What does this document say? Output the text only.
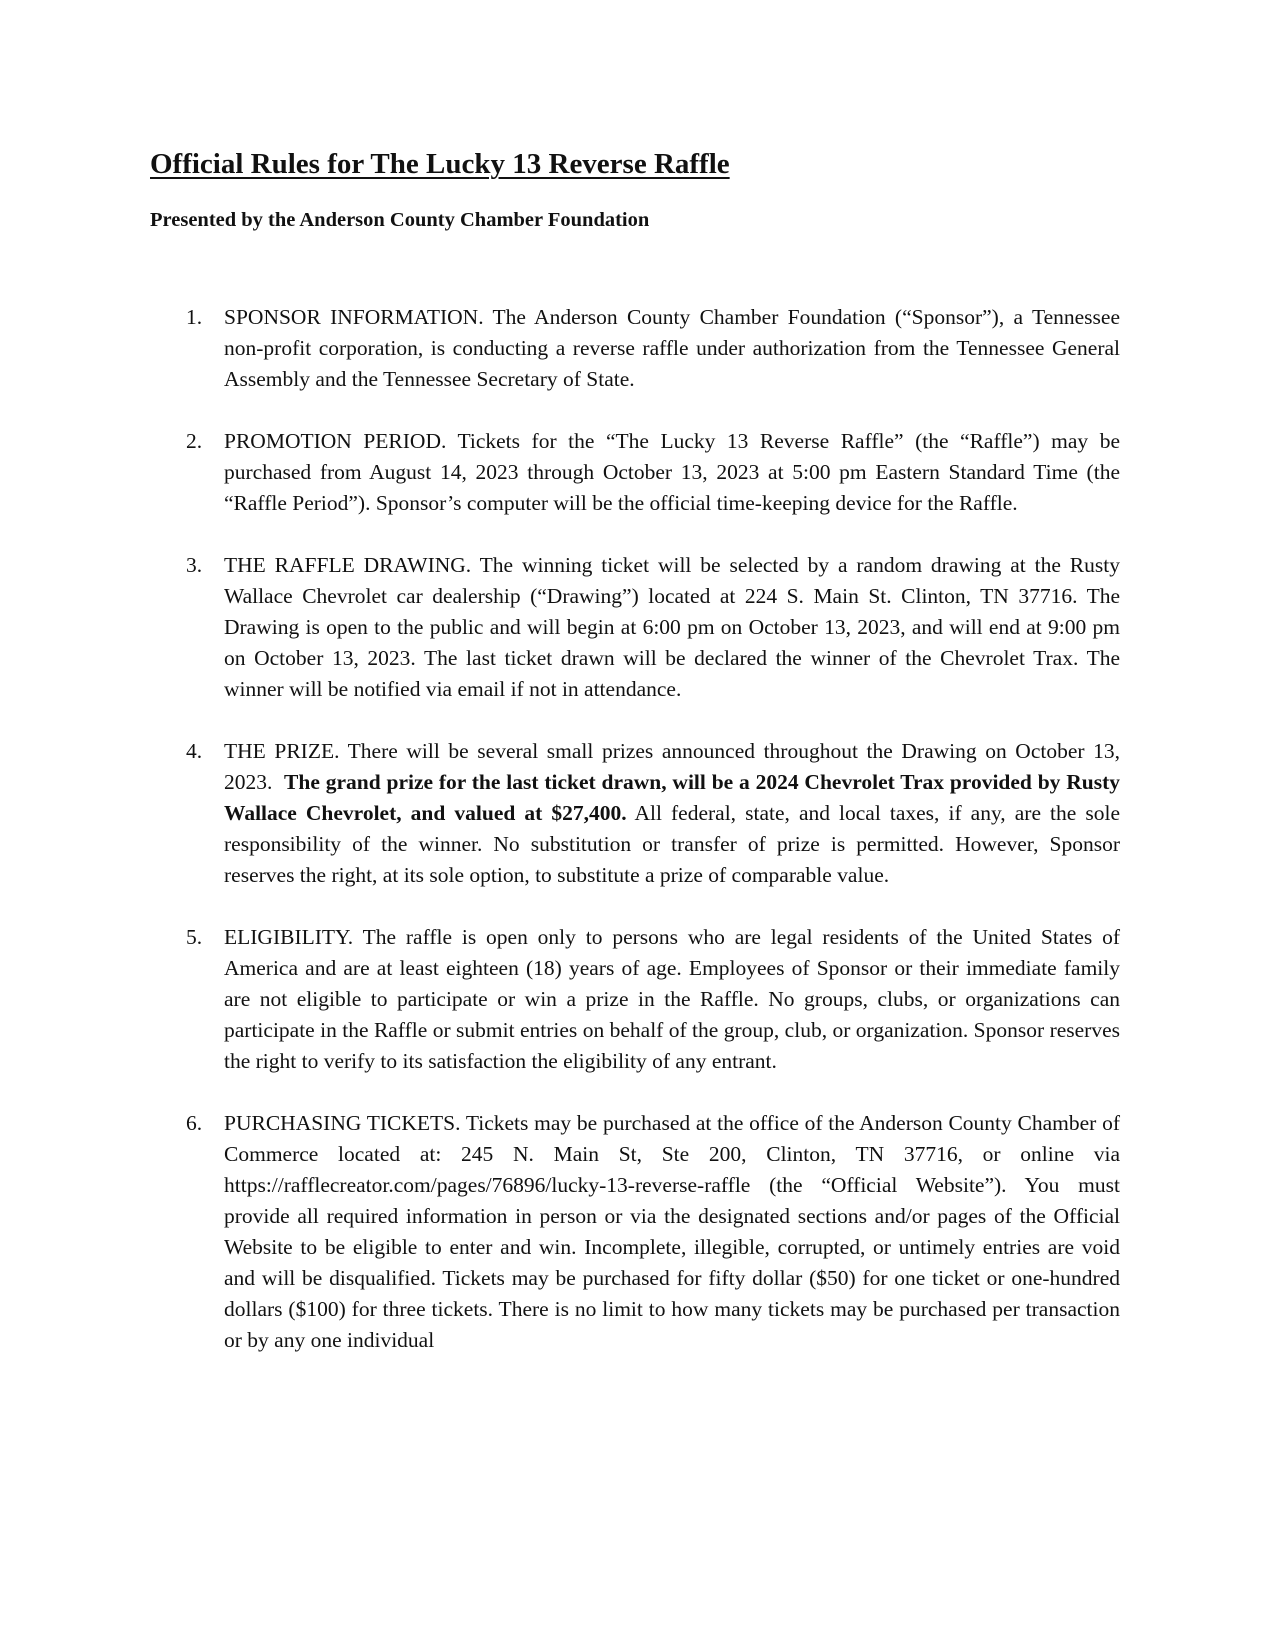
Official Rules for The Lucky 13 Reverse Raffle
Presented by the Anderson County Chamber Foundation
1. SPONSOR INFORMATION. The Anderson County Chamber Foundation (“Sponsor”), a Tennessee non-profit corporation, is conducting a reverse raffle under authorization from the Tennessee General Assembly and the Tennessee Secretary of State.
2. PROMOTION PERIOD. Tickets for the “The Lucky 13 Reverse Raffle” (the “Raffle”) may be purchased from August 14, 2023 through October 13, 2023 at 5:00 pm Eastern Standard Time (the “Raffle Period”). Sponsor’s computer will be the official time-keeping device for the Raffle.
3. THE RAFFLE DRAWING. The winning ticket will be selected by a random drawing at the Rusty Wallace Chevrolet car dealership (“Drawing”) located at 224 S. Main St. Clinton, TN 37716. The Drawing is open to the public and will begin at 6:00 pm on October 13, 2023, and will end at 9:00 pm on October 13, 2023. The last ticket drawn will be declared the winner of the Chevrolet Trax. The winner will be notified via email if not in attendance.
4. THE PRIZE. There will be several small prizes announced throughout the Drawing on October 13, 2023. The grand prize for the last ticket drawn, will be a 2024 Chevrolet Trax provided by Rusty Wallace Chevrolet, and valued at $27,400. All federal, state, and local taxes, if any, are the sole responsibility of the winner. No substitution or transfer of prize is permitted. However, Sponsor reserves the right, at its sole option, to substitute a prize of comparable value.
5. ELIGIBILITY. The raffle is open only to persons who are legal residents of the United States of America and are at least eighteen (18) years of age. Employees of Sponsor or their immediate family are not eligible to participate or win a prize in the Raffle. No groups, clubs, or organizations can participate in the Raffle or submit entries on behalf of the group, club, or organization. Sponsor reserves the right to verify to its satisfaction the eligibility of any entrant.
6. PURCHASING TICKETS. Tickets may be purchased at the office of the Anderson County Chamber of Commerce located at: 245 N. Main St, Ste 200, Clinton, TN 37716, or online via https://rafflecreator.com/pages/76896/lucky-13-reverse-raffle (the “Official Website”). You must provide all required information in person or via the designated sections and/or pages of the Official Website to be eligible to enter and win. Incomplete, illegible, corrupted, or untimely entries are void and will be disqualified. Tickets may be purchased for fifty dollar ($50) for one ticket or one-hundred dollars ($100) for three tickets. There is no limit to how many tickets may be purchased per transaction or by any one individual
